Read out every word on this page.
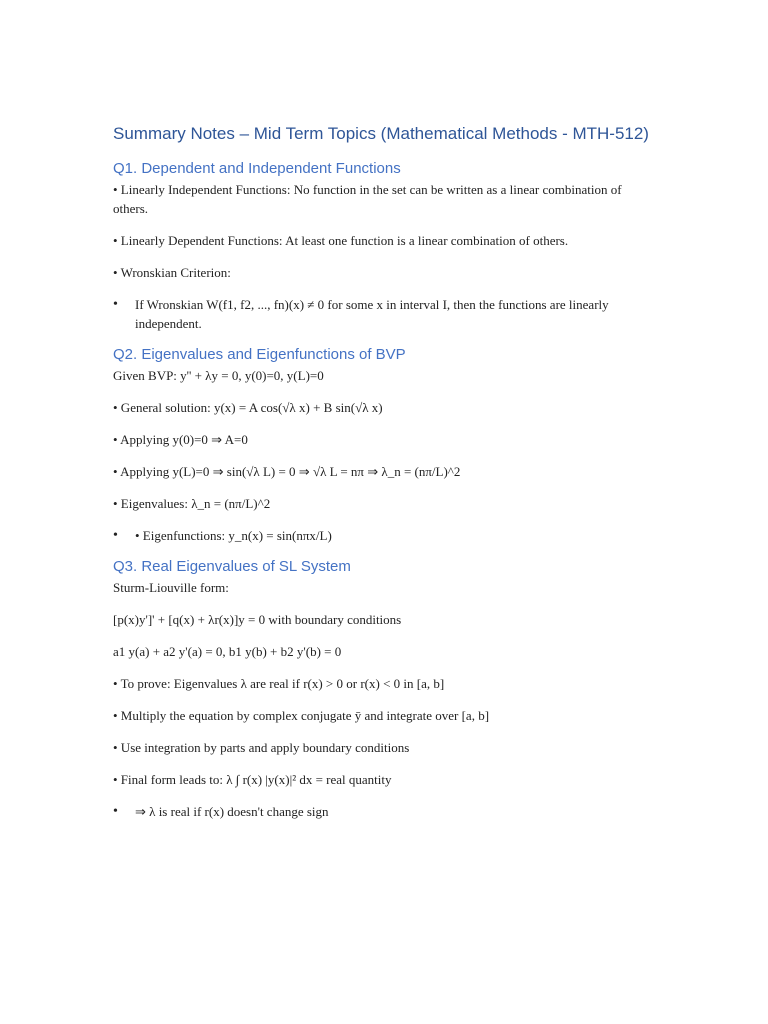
Summary Notes – Mid Term Topics (Mathematical Methods - MTH-512)
Q1. Dependent and Independent Functions

• Linearly Independent Functions: No function in the set can be written as a linear combination of others.

• Linearly Dependent Functions: At least one function is a linear combination of others.

• Wronskian Criterion:

•	If Wronskian W(f1, f2, ..., fn)(x) ≠ 0 for some x in interval I, then the functions are linearly independent.
Q2. Eigenvalues and Eigenfunctions of BVP

Given BVP: y'' + λy = 0, y(0)=0, y(L)=0

• General solution: y(x) = A cos(√λ x) + B sin(√λ x)

• Applying y(0)=0 ⇒ A=0

• Applying y(L)=0 ⇒ sin(√λ L) = 0 ⇒ √λ L = nπ ⇒ λ_n = (nπ/L)^2

• Eigenvalues: λ_n = (nπ/L)^2

•	• Eigenfunctions: y_n(x) = sin(nπx/L)
Q3. Real Eigenvalues of SL System

Sturm-Liouville form:

[p(x)y']' + [q(x) + λr(x)]y = 0 with boundary conditions

a1 y(a) + a2 y'(a) = 0, b1 y(b) + b2 y'(b) = 0

• To prove: Eigenvalues λ are real if r(x) > 0 or r(x) < 0 in [a, b]

• Multiply the equation by complex conjugate ȳ and integrate over [a, b]

• Use integration by parts and apply boundary conditions

• Final form leads to: λ ∫ r(x) |y(x)|² dx = real quantity

•	⇒ λ is real if r(x) doesn't change sign
